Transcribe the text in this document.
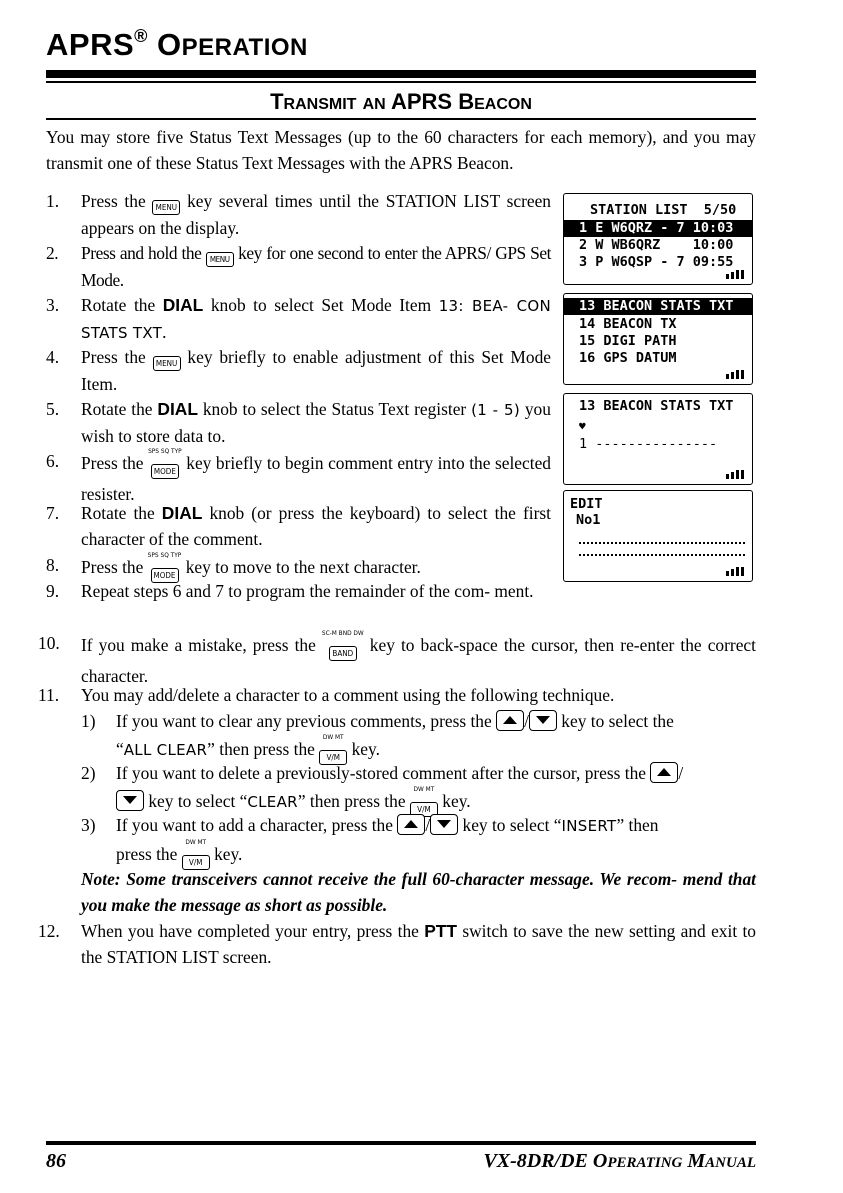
APRS® OPERATION
TRANSMIT AN APRS BEACON
You may store five Status Text Messages (up to the 60 characters for each memory), and you may transmit one of these Status Text Messages with the APRS Beacon.
1. Press the MENU key several times until the STATION LIST screen appears on the display.
2. Press and hold the MENU key for one second to enter the APRS/ GPS Set Mode.
3. Rotate the DIAL knob to select Set Mode Item 13: BEA- CON STATS TXT.
4. Press the MENU key briefly to enable adjustment of this Set Mode Item.
5. Rotate the DIAL knob to select the Status Text register (1 - 5) you wish to store data to.
6. Press the
SPS SQ TYP
MODE key briefly to begin comment entry into the selected resister.
7. Rotate the DIAL knob (or press the keyboard) to select the first character of the comment.
8. Press the
SPS SQ TYP
MODE key to move to the next character.
9. Repeat steps 6 and 7 to program the remainder of the com- ment.
10. If you make a mistake, press the
SC-M BND DW
BAND key to back-space the cursor, then re-enter the correct character.
11. You may add/delete a character to a comment using the following technique.
1) If you want to clear any previous comments, press the / key to select the
“ALL CLEAR” then press the
DW MT
V/M key.
2) If you want to delete a previously-stored comment after the cursor, press the /
key to select “CLEAR” then press the
DW MT
V/M key.
3) If you want to add a character, press the / key to select “INSERT” then
press the
DW MT
V/M key.
Note: Some transceivers cannot receive the full 60-character message. We recom- mend that you make the message as short as possible.
12. When you have completed your entry, press the PTT switch to save the new setting and exit to the STATION LIST screen.
STATION LIST  5/50
1 E W6QRZ - 7 10:03
2 W WB6QRZ    10:00
3 P W6QSP - 7 09:55
13 BEACON STATS TXT
14 BEACON TX
15 DIGI PATH
16 GPS DATUM
13 BEACON STATS TXT
♥
1 ---------------
EDIT
No1
86	VX-8DR/DE OPERATING MANUAL
